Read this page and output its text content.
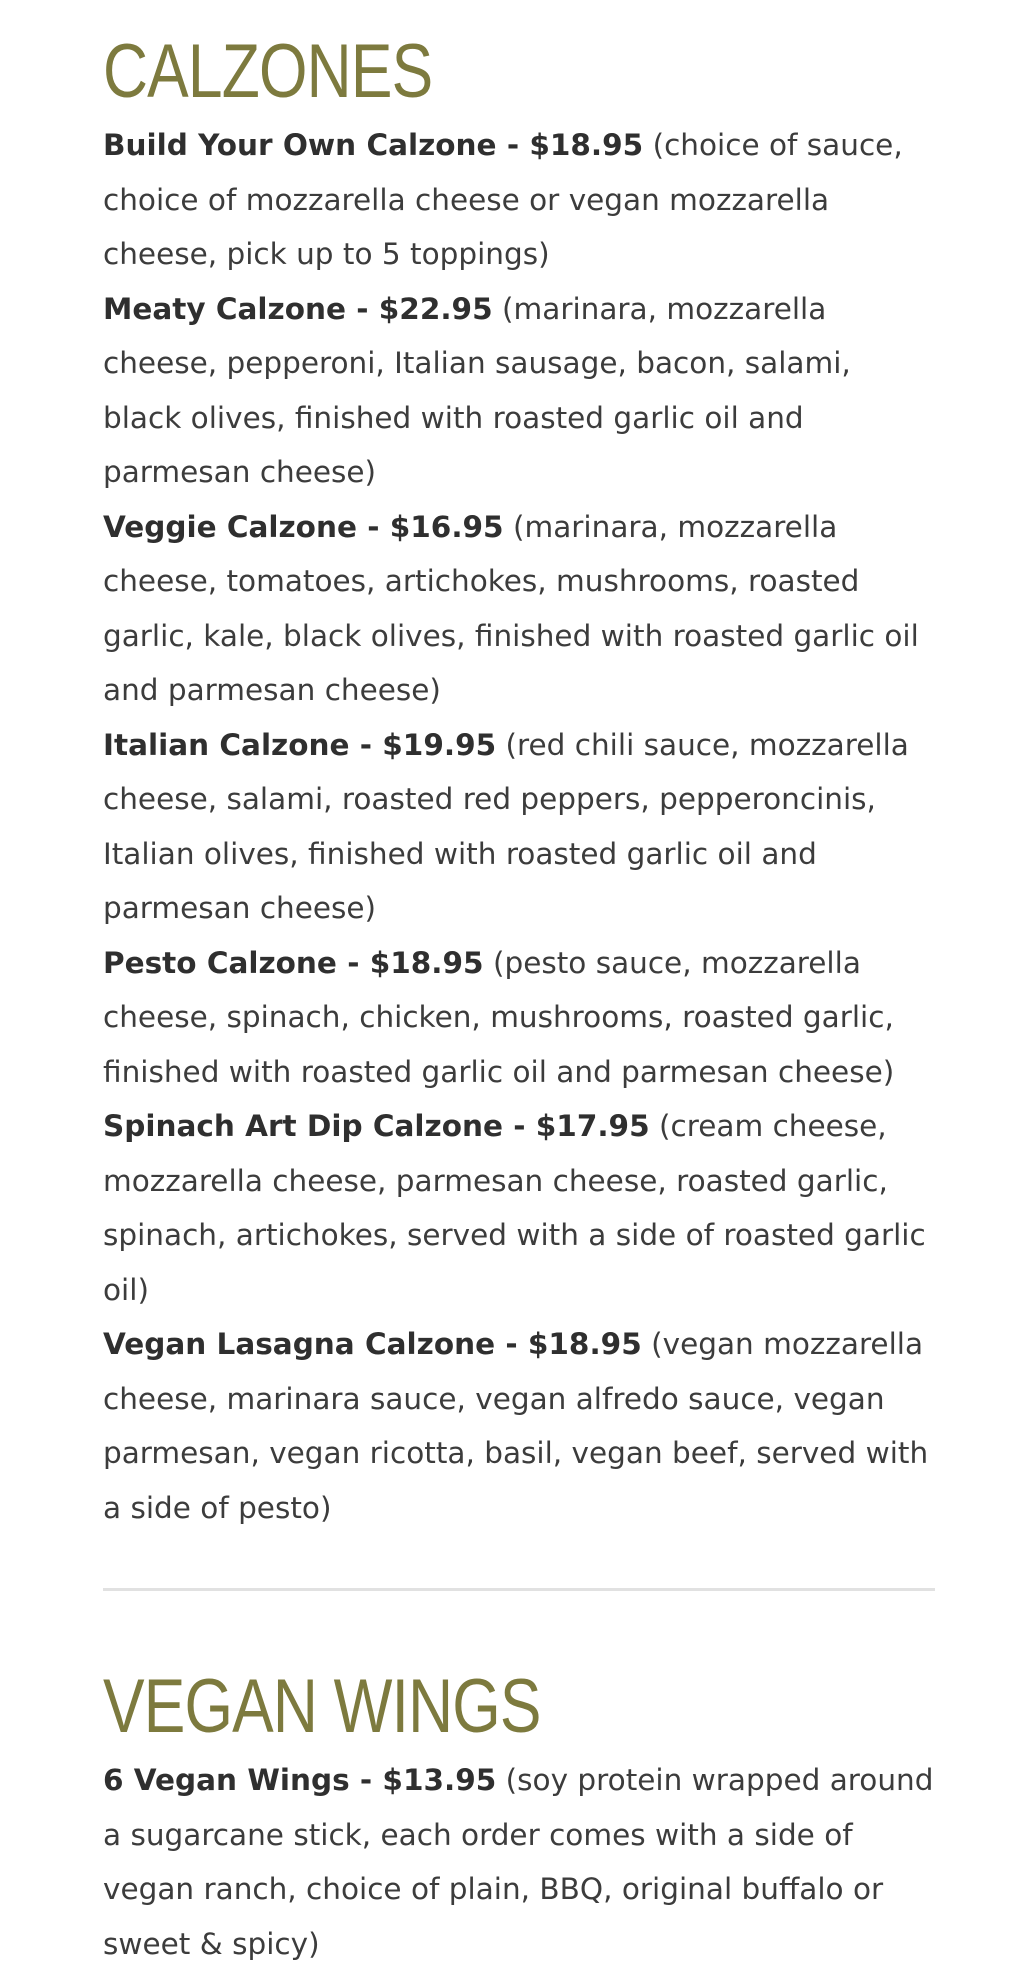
CALZONES

Build Your Own Calzone - $18.95 (choice of sauce, choice of mozzarella cheese or vegan mozzarella cheese, pick up to 5 toppings)

Meaty Calzone - $22.95 (marinara, mozzarella cheese, pepperoni, Italian sausage, bacon, salami, black olives, finished with roasted garlic oil and parmesan cheese)

Veggie Calzone - $16.95 (marinara, mozzarella cheese, tomatoes, artichokes, mushrooms, roasted garlic, kale, black olives, finished with roasted garlic oil and parmesan cheese)

Italian Calzone - $19.95 (red chili sauce, mozzarella cheese, salami, roasted red peppers, pepperoncinis, Italian olives, finished with roasted garlic oil and parmesan cheese)

Pesto Calzone - $18.95 (pesto sauce, mozzarella cheese, spinach, chicken, mushrooms, roasted garlic, finished with roasted garlic oil and parmesan cheese)

Spinach Art Dip Calzone - $17.95 (cream cheese, mozzarella cheese, parmesan cheese, roasted garlic, spinach, artichokes, served with a side of roasted garlic oil)

Vegan Lasagna Calzone - $18.95 (vegan mozzarella cheese, marinara sauce, vegan alfredo sauce, vegan parmesan, vegan ricotta, basil, vegan beef, served with a side of pesto)

VEGAN WINGS

6 Vegan Wings - $13.95 (soy protein wrapped around a sugarcane stick, each order comes with a side of vegan ranch, choice of plain, BBQ, original buffalo or sweet & spicy)
